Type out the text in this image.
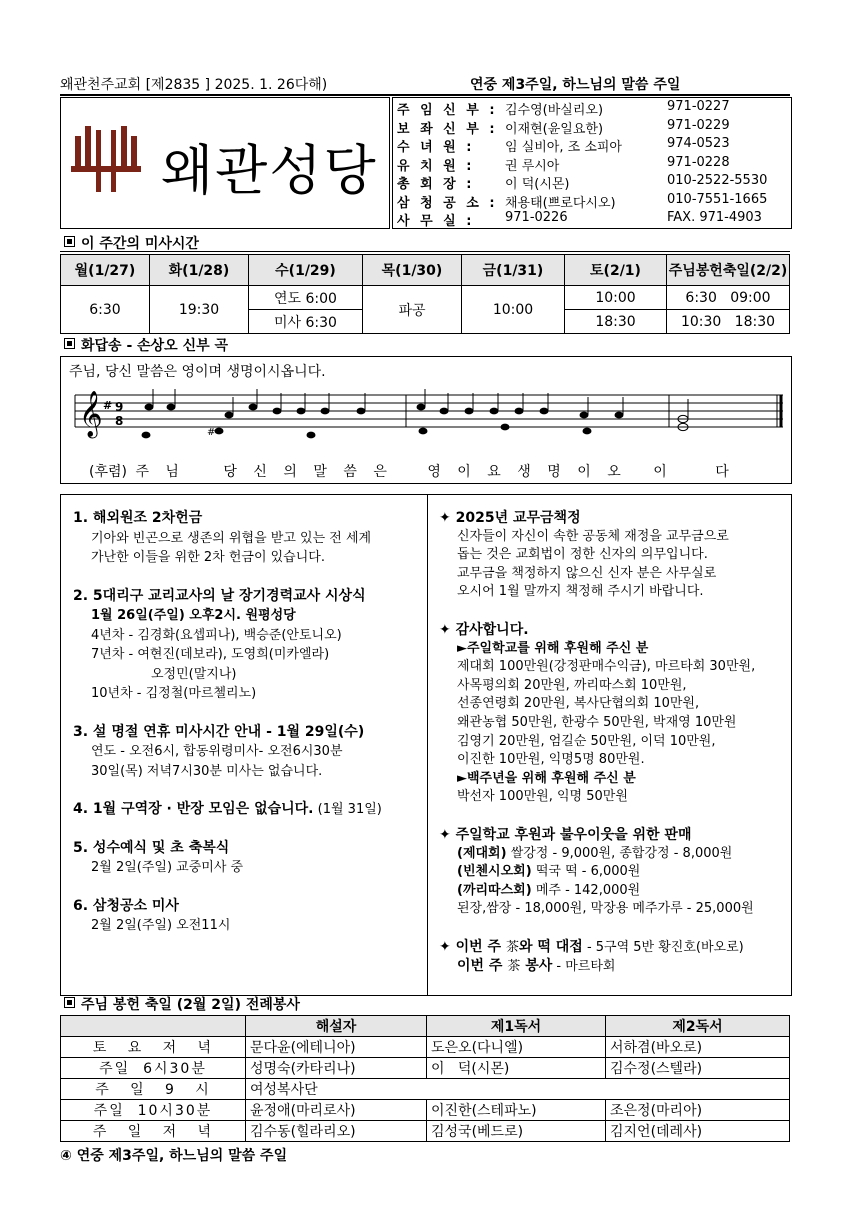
왜관천주교회 [제2835 ] 2025. 1. 26다해)	연중 제3주일, 하느님의 말씀 주일
왜관성당
주 임 신 부 : 김수영(바실리오)	971-0227
보 좌 신 부 : 이재현(윤일요한)	971-0229
수 녀 원 :	임 실비아, 조 소피아	974-0523
유 치 원 :	권 루시아	971-0228
총 회 장 :	이 덕(시몬)	010-2522-5530
삼 청 공 소 : 채용태(쁘로다시오)	010-7551-1665
사 무 실 :	971-0226	FAX. 971-4903
이 주간의 미사시간
월(1/27)	화(1/28)	수(1/29)	목(1/30)	금(1/31)	토(2/1)	주님봉헌축일(2/2)
6:30	19:30	연도 6:00	파공	10:00	10:00	6:30   09:00
		미사 6:30			18:30	10:30   18:30
화답송 - 손상오 신부 곡
주님, 당신 말씀은 영이며 생명이시옵니다.
𝄞 # 9
8
#
(후렴) 주 님	당 신 의 말 씀 은	영 이 요 생 명 이 오 이	다
1. 해외원조 2차헌금
기아와 빈곤으로 생존의 위협을 받고 있는 전 세계
가난한 이들을 위한 2차 헌금이 있습니다.
2. 5대리구 교리교사의 날 장기경력교사 시상식
1월 26일(주일) 오후2시. 원평성당
4년차 - 김경화(요셉피나), 백승준(안토니오)
7년차 - 여현진(데보라), 도영희(미카엘라)
오정민(말지나)
10년차 - 김정철(마르첼리노)
3. 설 명절 연휴 미사시간 안내 - 1월 29일(수)
연도 - 오전6시, 합동위령미사- 오전6시30분
30일(목) 저녁7시30분 미사는 없습니다.
4. 1월 구역장 · 반장 모임은 없습니다. (1월 31일)
5. 성수예식 및 초 축복식
2월 2일(주일) 교중미사 중
6. 삼청공소 미사
2월 2일(주일) 오전11시
✦ 2025년 교무금책정
신자들이 자신이 속한 공동체 재정을 교무금으로
돕는 것은 교회법이 정한 신자의 의무입니다.
교무금을 책정하지 않으신 신자 분은 사무실로
오시어 1월 말까지 책정해 주시기 바랍니다.
✦ 감사합니다.
►주일학교를 위해 후원해 주신 분
제대회 100만원(강정판매수익금), 마르타회 30만원,
사목평의회 20만원, 까리따스회 10만원,
선종연령회 20만원, 복사단협의회 10만원,
왜관농협 50만원, 한광수 50만원, 박재영 10만원
김영기 20만원, 엄길순 50만원, 이덕 10만원,
이진한 10만원, 익명5명 80만원.
►백주년을 위해 후원해 주신 분
박선자 100만원, 익명 50만원
✦ 주일학교 후원과 불우이웃을 위한 판매
(제대회) 쌀강정 - 9,000원, 종합강정 - 8,000원
(빈첸시오회) 떡국 떡 - 6,000원
(까리따스회) 메주 - 142,000원
된장,쌈장 - 18,000원, 막장용 메주가루 - 25,000원
✦ 이번 주 茶와 떡 대접 - 5구역 5반 황진호(바오로)
이번 주 茶 봉사 - 마르타회
주님 봉헌 축일 (2월 2일) 전례봉사
	해설자	제1독서	제2독서
토   요   저   녁	문다윤(에테니아)	도은오(다니엘)	서하겸(바오로)
주일  6시30분	성명숙(카타리나)	이   덕(시몬)	김수정(스텔라)
주   일   9   시	여성복사단		
주일  10시30분	윤정애(마리로사)	이진한(스테파노)	조은정(마리아)
주   일   저   녁	김수동(힐라리오)	김성국(베드로)	김지언(데레사)
④ 연중 제3주일, 하느님의 말씀 주일
